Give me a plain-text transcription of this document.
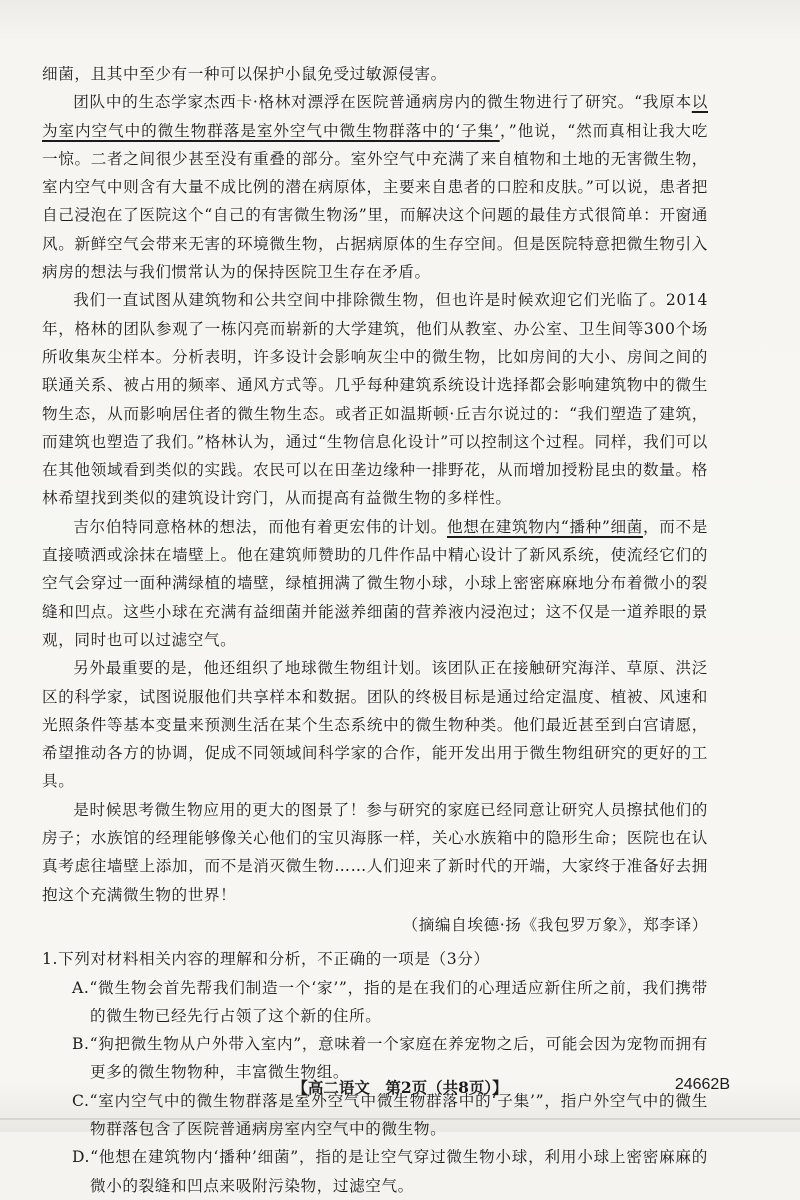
细菌，且其中至少有一种可以保护小鼠免受过敏源侵害。

团队中的生态学家杰西卡·格林对漂浮在医院普通病房内的微生物进行了研究。“我原本以为室内空气中的微生物群落是室外空气中微生物群落中的‘子集’，”他说，“然而真相让我大吃一惊。二者之间很少甚至没有重叠的部分。室外空气中充满了来自植物和土地的无害微生物，室内空气中则含有大量不成比例的潜在病原体，主要来自患者的口腔和皮肤。”可以说，患者把自己浸泡在了医院这个“自己的有害微生物汤”里，而解决这个问题的最佳方式很简单：开窗通风。新鲜空气会带来无害的环境微生物，占据病原体的生存空间。但是医院特意把微生物引入病房的想法与我们惯常认为的保持医院卫生存在矛盾。

我们一直试图从建筑物和公共空间中排除微生物，但也许是时候欢迎它们光临了。2014年，格林的团队参观了一栋闪亮而崭新的大学建筑，他们从教室、办公室、卫生间等300个场所收集灰尘样本。分析表明，许多设计会影响灰尘中的微生物，比如房间的大小、房间之间的联通关系、被占用的频率、通风方式等。几乎每种建筑系统设计选择都会影响建筑物中的微生物生态，从而影响居住者的微生物生态。或者正如温斯顿·丘吉尔说过的：“我们塑造了建筑，而建筑也塑造了我们。”格林认为，通过“生物信息化设计”可以控制这个过程。同样，我们可以在其他领域看到类似的实践。农民可以在田垄边缘种一排野花，从而增加授粉昆虫的数量。格林希望找到类似的建筑设计窍门，从而提高有益微生物的多样性。

吉尔伯特同意格林的想法，而他有着更宏伟的计划。他想在建筑物内“播种”细菌，而不是直接喷洒或涂抹在墙壁上。他在建筑师赞助的几件作品中精心设计了新风系统，使流经它们的空气会穿过一面种满绿植的墙壁，绿植拥满了微生物小球，小球上密密麻麻地分布着微小的裂缝和凹点。这些小球在充满有益细菌并能滋养细菌的营养液内浸泡过；这不仅是一道养眼的景观，同时也可以过滤空气。

另外最重要的是，他还组织了地球微生物组计划。该团队正在接触研究海洋、草原、洪泛区的科学家，试图说服他们共享样本和数据。团队的终极目标是通过给定温度、植被、风速和光照条件等基本变量来预测生活在某个生态系统中的微生物种类。他们最近甚至到白宫请愿，希望推动各方的协调，促成不同领域间科学家的合作，能开发出用于微生物组研究的更好的工具。

是时候思考微生物应用的更大的图景了！参与研究的家庭已经同意让研究人员擦拭他们的房子；水族馆的经理能够像关心他们的宝贝海豚一样，关心水族箱中的隐形生命；医院也在认真考虑往墙壁上添加，而不是消灭微生物……人们迎来了新时代的开端，大家终于准备好去拥抱这个充满微生物的世界！

（摘编自埃德·扬《我包罗万象》，郑李译）

1.下列对材料相关内容的理解和分析，不正确的一项是（3分）

A.“微生物会首先帮我们制造一个‘家’”，指的是在我们的心理适应新住所之前，我们携带的微生物已经先行占领了这个新的住所。

B.“狗把微生物从户外带入室内”，意味着一个家庭在养宠物之后，可能会因为宠物而拥有更多的微生物物种，丰富微生物组。

C.“室内空气中的微生物群落是室外空气中微生物群落中的‘子集’”，指户外空气中的微生物群落包含了医院普通病房室内空气中的微生物。

D.“他想在建筑物内‘播种’细菌”，指的是让空气穿过微生物小球，利用小球上密密麻麻的微小的裂缝和凹点来吸附污染物，过滤空气。

【高二语文　第2页（共8页）】	24662B
